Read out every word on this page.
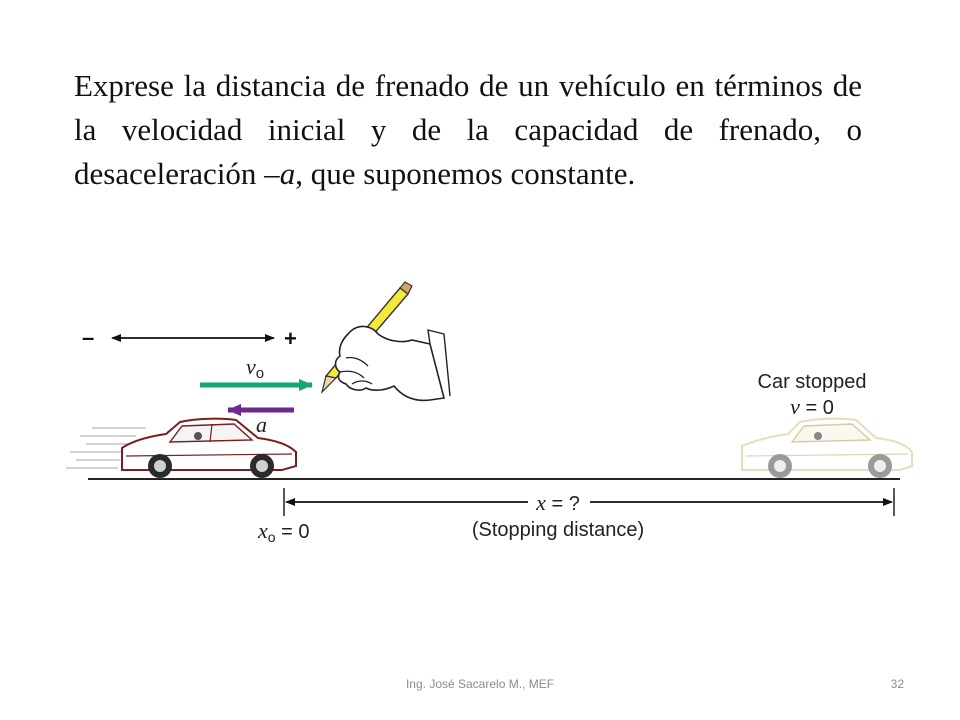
Exprese la distancia de frenado de un vehículo en términos de la velocidad inicial y de la capacidad de frenado, o desaceleración –a, que suponemos constante.

–	+
vo
a
Car stopped
v = 0
x = ?
(Stopping distance)
$x_o = 0$
Ing. José Sacarelo M., MEF	32
